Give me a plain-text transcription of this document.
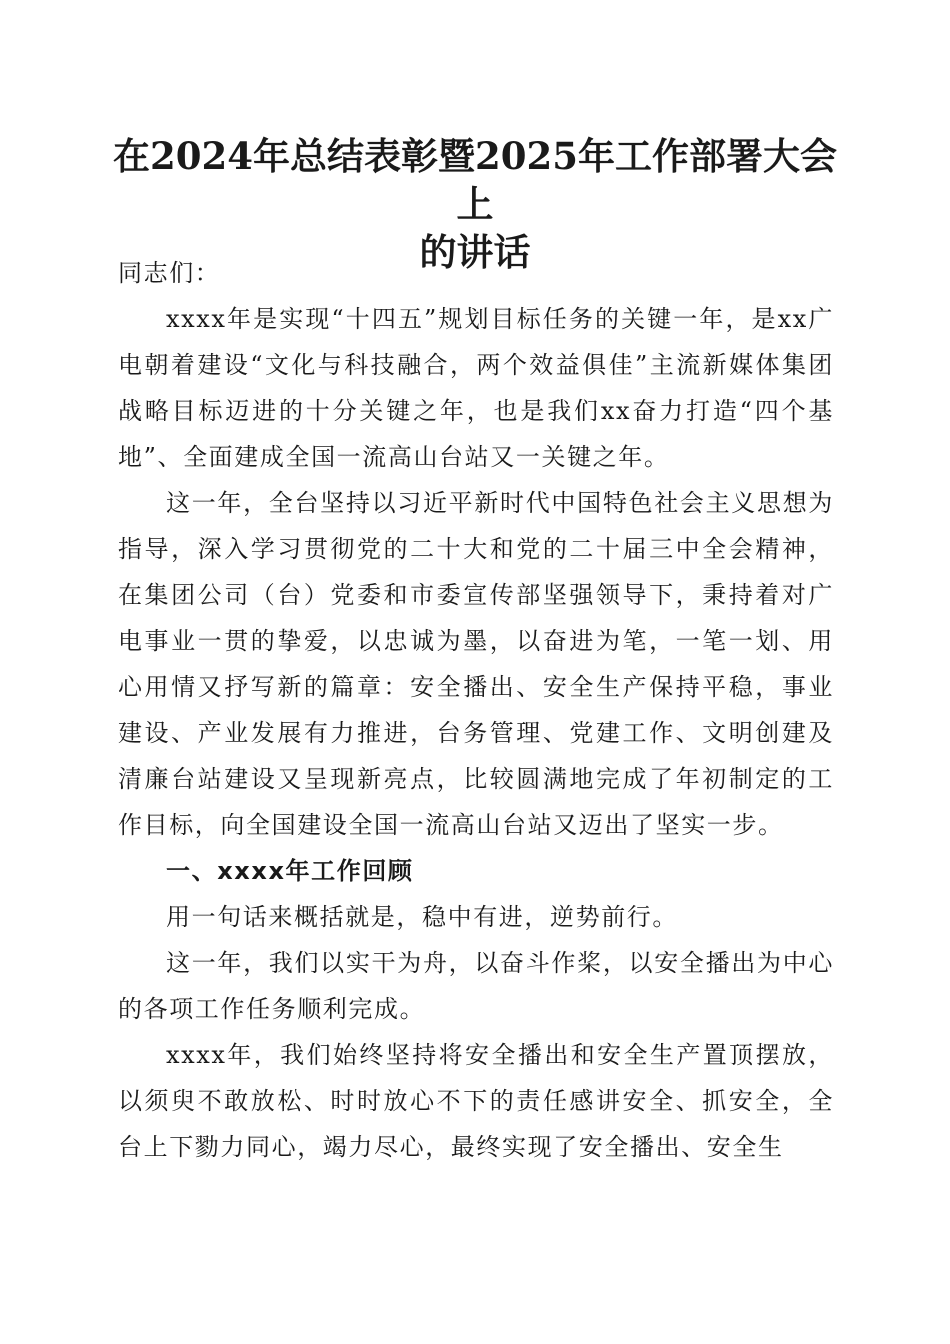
在2024年总结表彰暨2025年工作部署大会上
的讲话

同志们：

xxxx年是实现“十四五”规划目标任务的关键一年，是xx广电朝着建设“文化与科技融合，两个效益俱佳”主流新媒体集团战略目标迈进的十分关键之年，也是我们xx奋力打造“四个基地”、全面建成全国一流高山台站又一关键之年。

这一年，全台坚持以习近平新时代中国特色社会主义思想为指导，深入学习贯彻党的二十大和党的二十届三中全会精神，在集团公司（台）党委和市委宣传部坚强领导下，秉持着对广电事业一贯的挚爱，以忠诚为墨，以奋进为笔，一笔一划、用心用情又抒写新的篇章：安全播出、安全生产保持平稳，事业建设、产业发展有力推进，台务管理、党建工作、文明创建及清廉台站建设又呈现新亮点，比较圆满地完成了年初制定的工作目标，向全国建设全国一流高山台站又迈出了坚实一步。

一、xxxx年工作回顾

用一句话来概括就是，稳中有进，逆势前行。

这一年，我们以实干为舟，以奋斗作桨，以安全播出为中心的各项工作任务顺利完成。

xxxx年，我们始终坚持将安全播出和安全生产置顶摆放，以须臾不敢放松、时时放心不下的责任感讲安全、抓安全，全台上下勠力同心，竭力尽心，最终实现了安全播出、安全生
